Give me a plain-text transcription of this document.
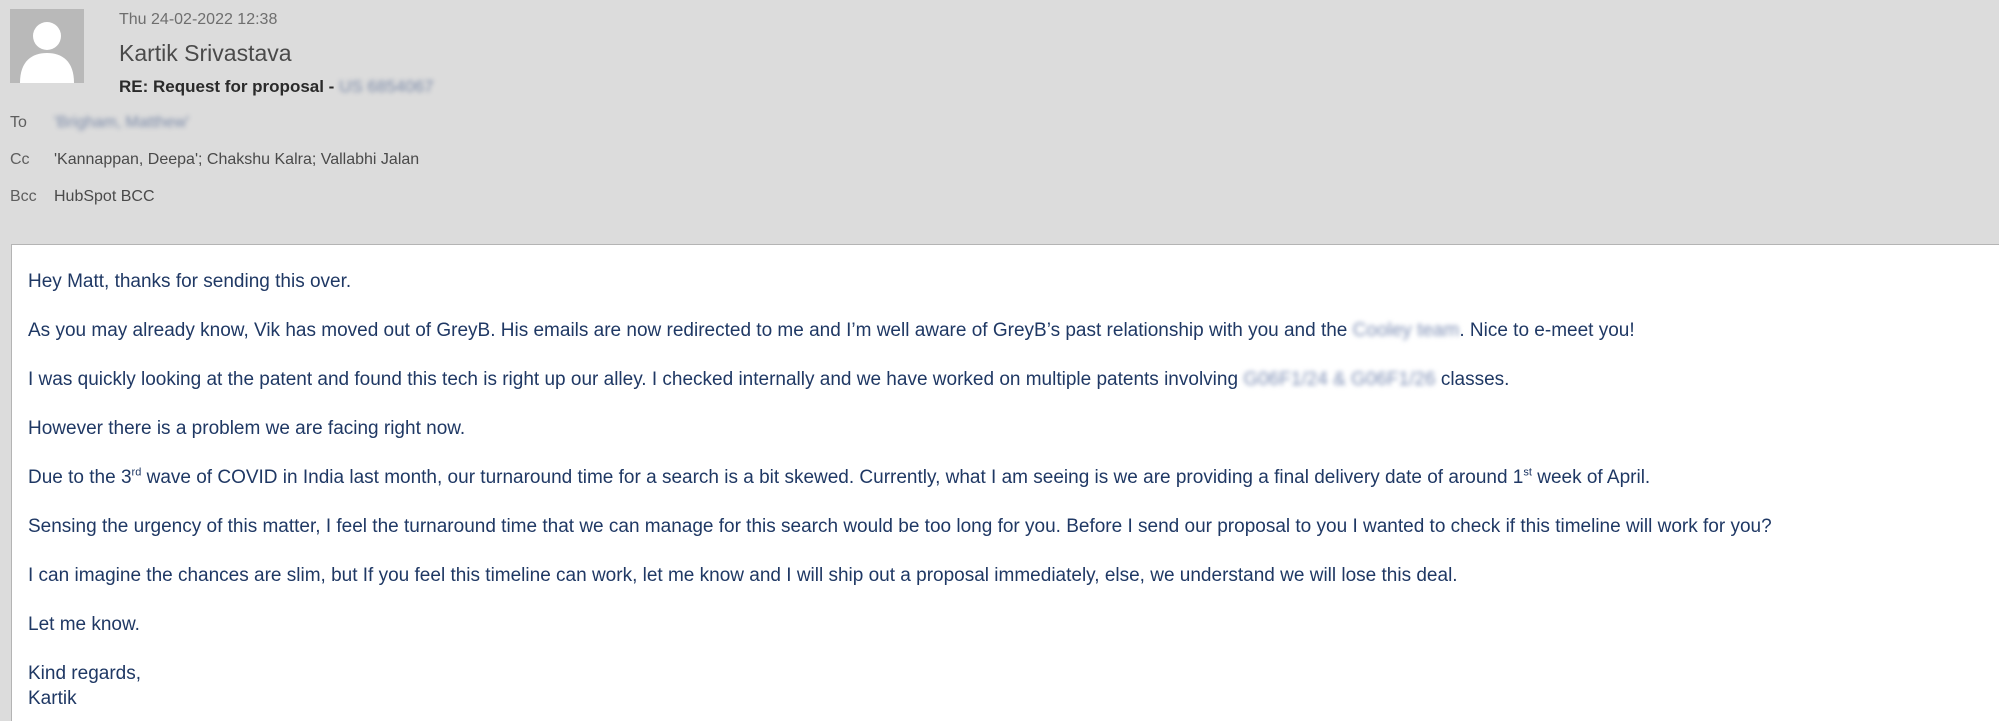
Thu 24-02-2022 12:38
Kartik Srivastava
RE: Request for proposal - US 6854067
To 'Brigham, Matthew'
Cc 'Kannappan, Deepa'; Chakshu Kalra; Vallabhi Jalan
Bcc HubSpot BCC
Hey Matt, thanks for sending this over.
As you may already know, Vik has moved out of GreyB. His emails are now redirected to me and I’m well aware of GreyB’s past relationship with you and the Cooley team. Nice to e-meet you!
I was quickly looking at the patent and found this tech is right up our alley. I checked internally and we have worked on multiple patents involving G06F1/24 & G06F1/26 classes.
However there is a problem we are facing right now.
Due to the 3rd wave of COVID in India last month, our turnaround time for a search is a bit skewed. Currently, what I am seeing is we are providing a final delivery date of around 1st week of April.
Sensing the urgency of this matter, I feel the turnaround time that we can manage for this search would be too long for you. Before I send our proposal to you I wanted to check if this timeline will work for you?
I can imagine the chances are slim, but If you feel this timeline can work, let me know and I will ship out a proposal immediately, else, we understand we will lose this deal.
Let me know.
Kind regards,
Kartik
